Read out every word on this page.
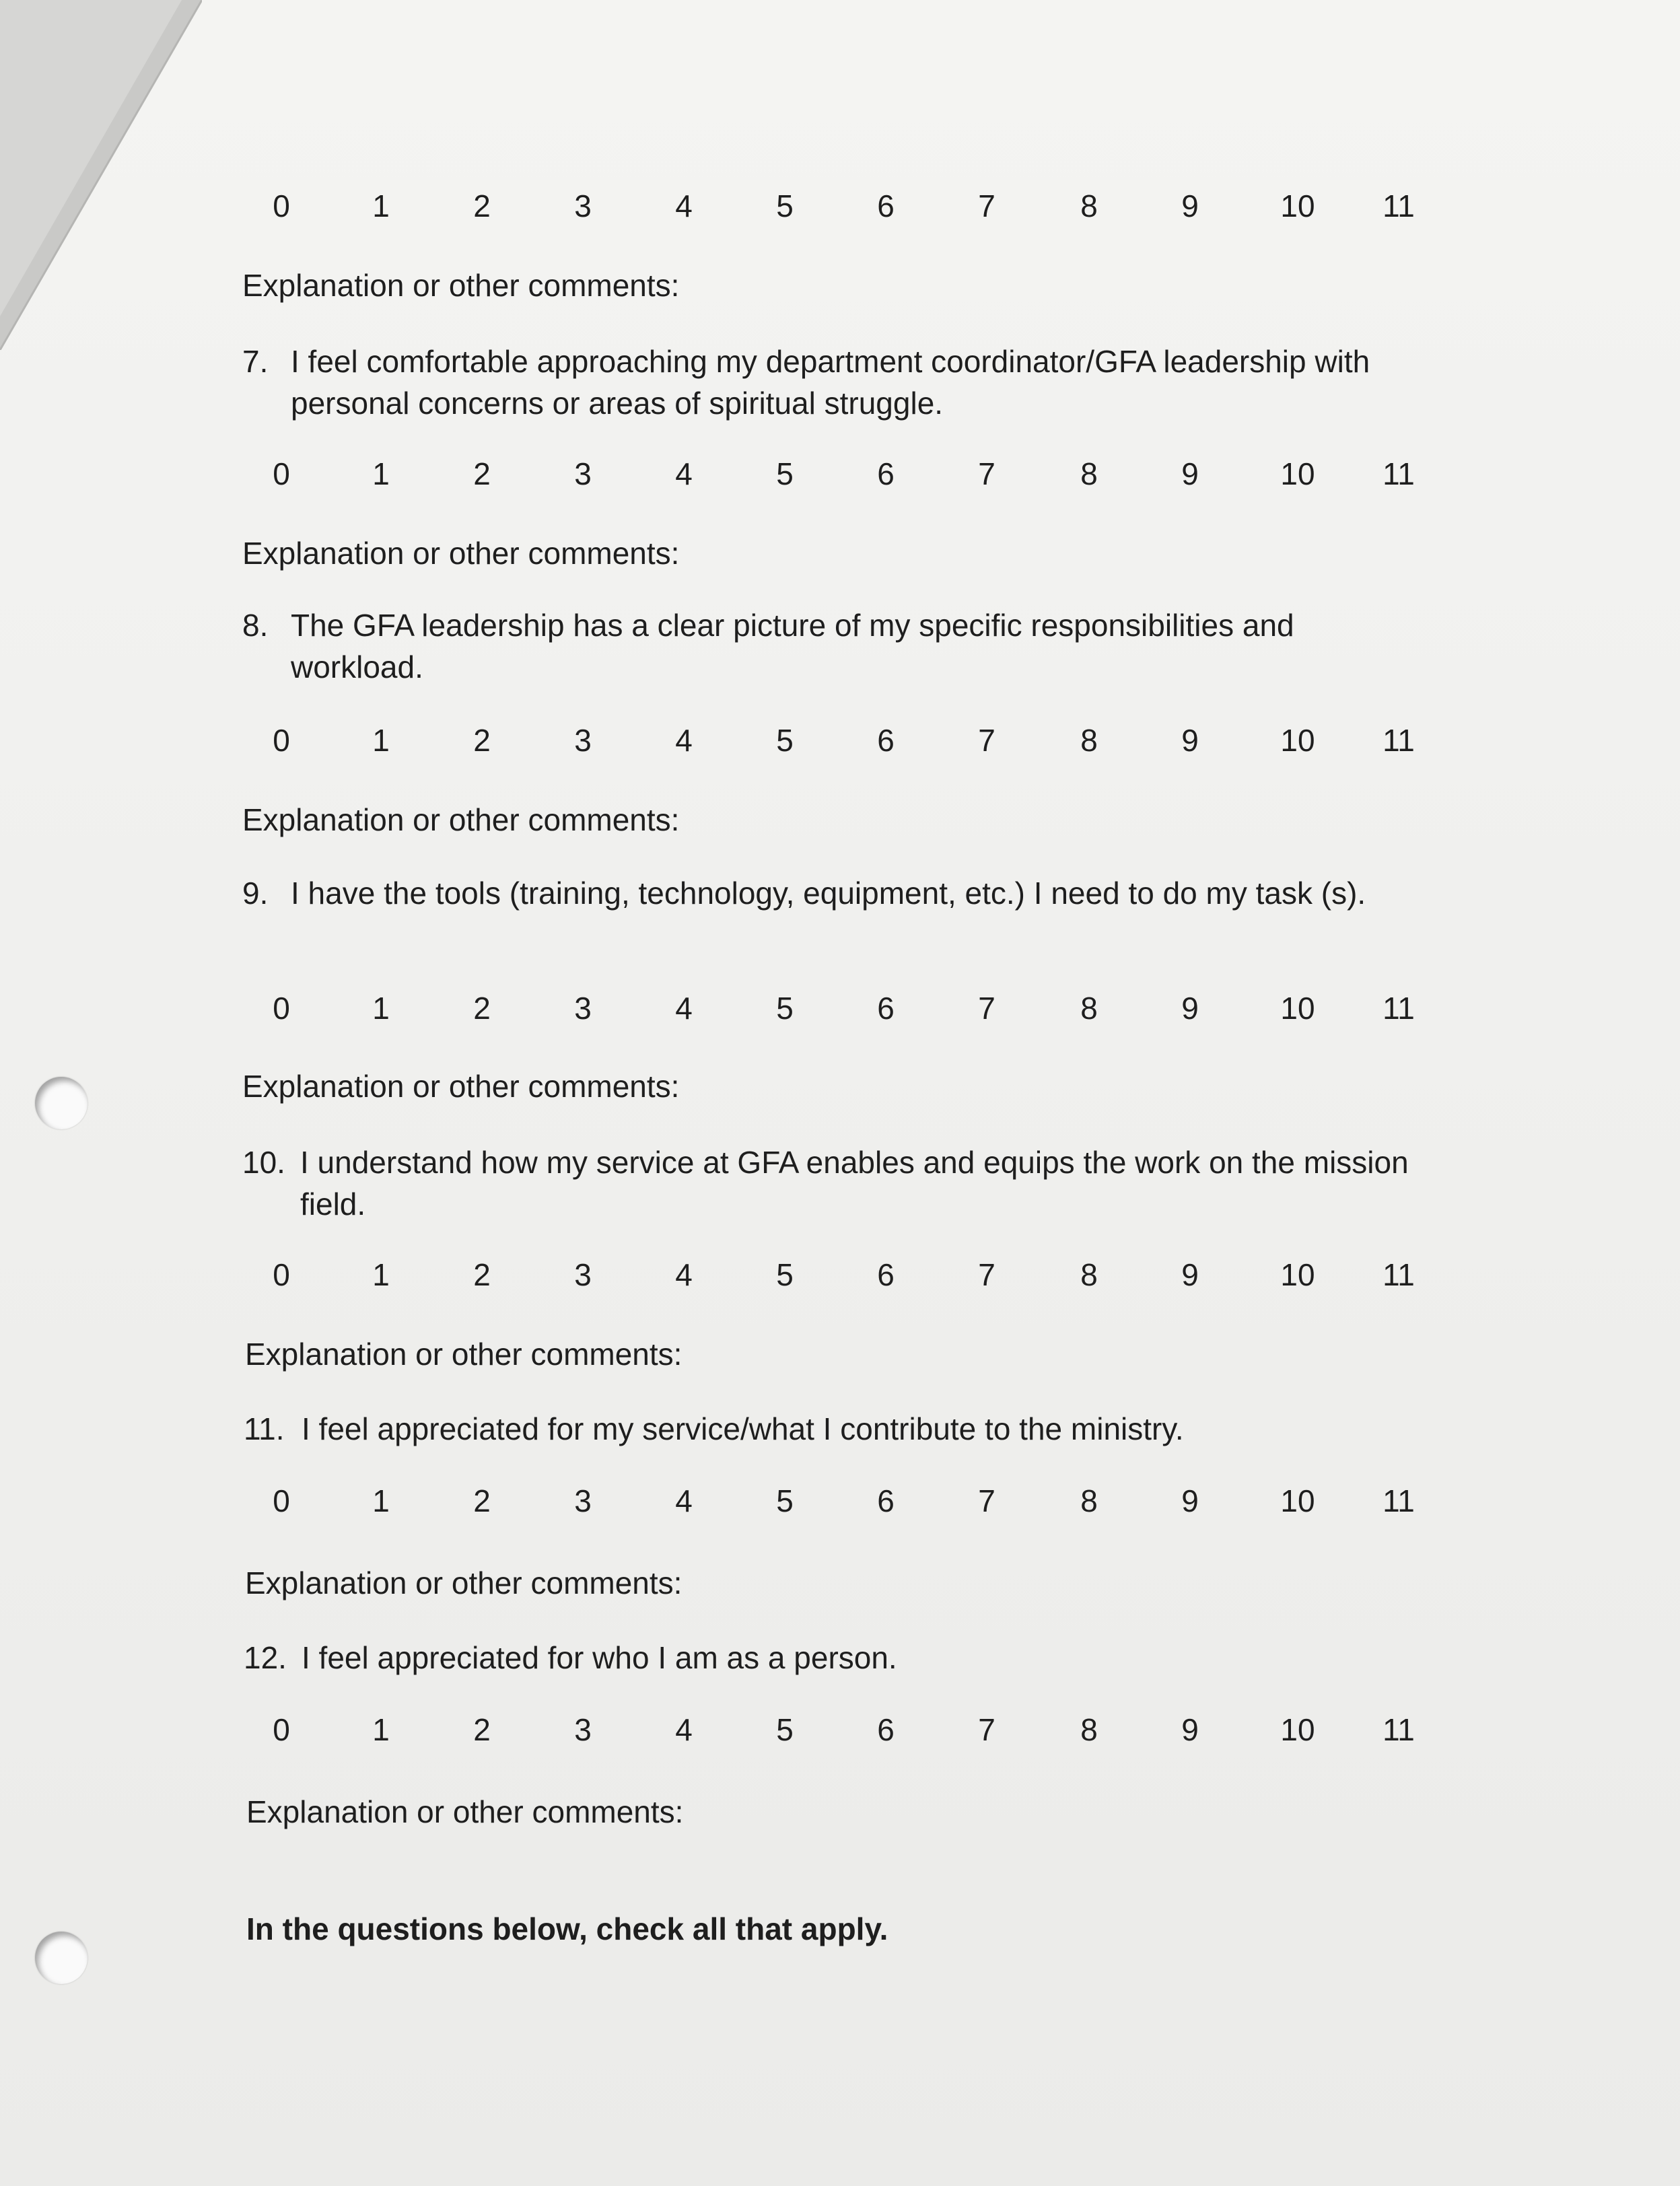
0	1	2	3	4	5	6	7	8	9	10 11
Explanation or other comments:
7. I feel comfortable approaching my department coordinator/GFA leadership with personal concerns or areas of spiritual struggle.
0	1	2	3	4	5	6	7	8	9	10 11
Explanation or other comments:
8. The GFA leadership has a clear picture of my specific responsibilities and workload.
0	1	2	3	4	5	6	7	8	9	10 11
Explanation or other comments:
9. I have the tools (training, technology, equipment, etc.) I need to do my task (s).
0	1	2	3	4	5	6	7	8	9	10 11
Explanation or other comments:
10. I understand how my service at GFA enables and equips the work on the mission field.
0	1	2	3	4	5	6	7	8	9	10 11
Explanation or other comments:
11. I feel appreciated for my service/what I contribute to the ministry.
0	1	2	3	4	5	6	7	8	9	10 11
Explanation or other comments:
12. I feel appreciated for who I am as a person.
0	1	2	3	4	5	6	7	8	9	10 11
Explanation or other comments:
In the questions below, check all that apply.
